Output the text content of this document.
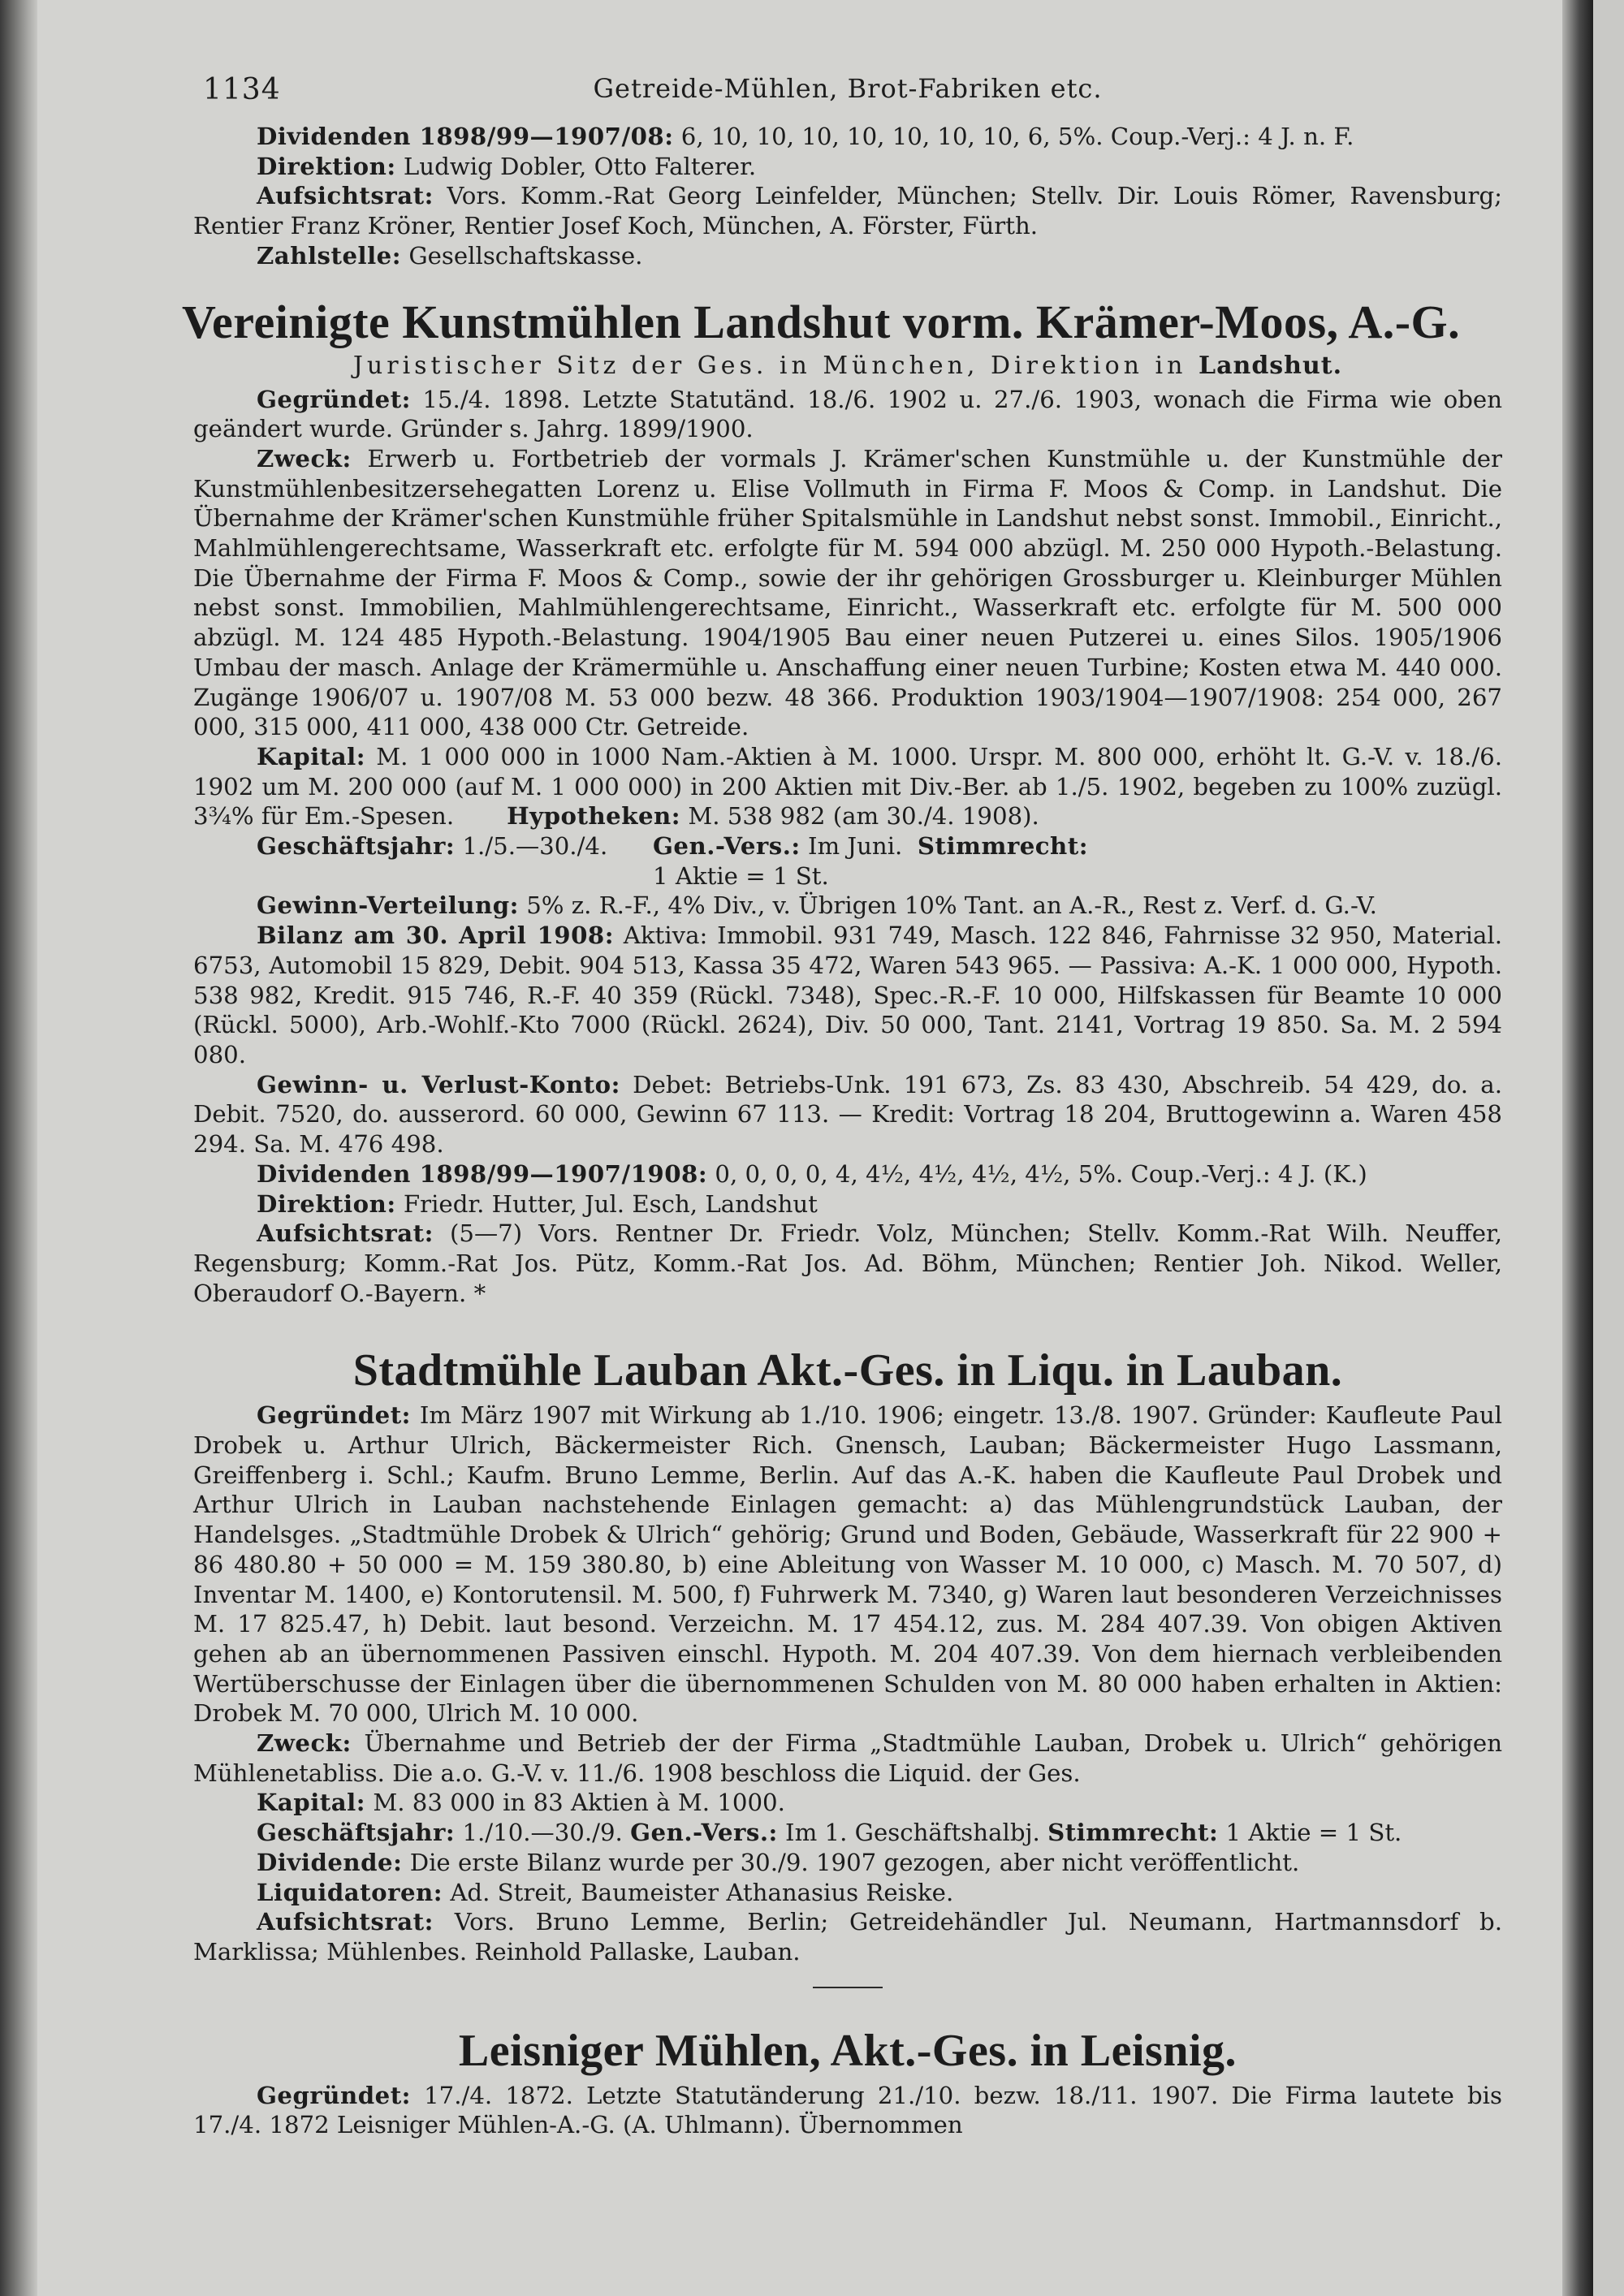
1134	Getreide-Mühlen, Brot-Fabriken etc.

Dividenden 1898/99—1907/08: 6, 10, 10, 10, 10, 10, 10, 10, 6, 5%. Coup.-Verj.: 4 J. n. F.

Direktion: Ludwig Dobler, Otto Falterer.

Aufsichtsrat: Vors. Komm.-Rat Georg Leinfelder, München; Stellv. Dir. Louis Römer, Ravensburg; Rentier Franz Kröner, Rentier Josef Koch, München, A. Förster, Fürth.

Zahlstelle: Gesellschaftskasse.

Vereinigte Kunstmühlen Landshut vorm. Krämer-Moos, A.-G.
Juristischer Sitz der Ges. in München, Direktion in Landshut.

Gegründet: 15./4. 1898. Letzte Statutänd. 18./6. 1902 u. 27./6. 1903, wonach die Firma wie oben geändert wurde. Gründer s. Jahrg. 1899/1900.

Zweck: Erwerb u. Fortbetrieb der vormals J. Krämer'schen Kunstmühle u. der Kunstmühle der Kunstmühlenbesitzersehegatten Lorenz u. Elise Vollmuth in Firma F. Moos & Comp. in Landshut. Die Übernahme der Krämer'schen Kunstmühle früher Spitalsmühle in Landshut nebst sonst. Immobil., Einricht., Mahlmühlengerechtsame, Wasserkraft etc. erfolgte für M. 594 000 abzügl. M. 250 000 Hypoth.-Belastung. Die Übernahme der Firma F. Moos & Comp., sowie der ihr gehörigen Grossburger u. Kleinburger Mühlen nebst sonst. Immobilien, Mahlmühlengerechtsame, Einricht., Wasserkraft etc. erfolgte für M. 500 000 abzügl. M. 124 485 Hypoth.-Belastung. 1904/1905 Bau einer neuen Putzerei u. eines Silos. 1905/1906 Umbau der masch. Anlage der Krämermühle u. Anschaffung einer neuen Turbine; Kosten etwa M. 440 000. Zugänge 1906/07 u. 1907/08 M. 53 000 bezw. 48 366. Produktion 1903/1904—1907/1908: 254 000, 267 000, 315 000, 411 000, 438 000 Ctr. Getreide.

Kapital: M. 1 000 000 in 1000 Nam.-Aktien à M. 1000. Urspr. M. 800 000, erhöht lt. G.-V. v. 18./6. 1902 um M. 200 000 (auf M. 1 000 000) in 200 Aktien mit Div.-Ber. ab 1./5. 1902, begeben zu 100% zuzügl. 3¾% für Em.-Spesen. Hypotheken: M. 538 982 (am 30./4. 1908).

Geschäftsjahr: 1./5.—30./4.	Gen.-Vers.: Im Juni. Stimmrecht: 1 Aktie = 1 St.

Gewinn-Verteilung: 5% z. R.-F., 4% Div., v. Übrigen 10% Tant. an A.-R., Rest z. Verf. d. G.-V.

Bilanz am 30. April 1908: Aktiva: Immobil. 931 749, Masch. 122 846, Fahrnisse 32 950, Material. 6753, Automobil 15 829, Debit. 904 513, Kassa 35 472, Waren 543 965. — Passiva: A.-K. 1 000 000, Hypoth. 538 982, Kredit. 915 746, R.-F. 40 359 (Rückl. 7348), Spec.-R.-F. 10 000, Hilfskassen für Beamte 10 000 (Rückl. 5000), Arb.-Wohlf.-Kto 7000 (Rückl. 2624), Div. 50 000, Tant. 2141, Vortrag 19 850. Sa. M. 2 594 080.

Gewinn- u. Verlust-Konto: Debet: Betriebs-Unk. 191 673, Zs. 83 430, Abschreib. 54 429, do. a. Debit. 7520, do. ausserord. 60 000, Gewinn 67 113. — Kredit: Vortrag 18 204, Bruttogewinn a. Waren 458 294. Sa. M. 476 498.

Dividenden 1898/99—1907/1908: 0, 0, 0, 0, 4, 4½, 4½, 4½, 4½, 5%. Coup.-Verj.: 4 J. (K.)

Direktion: Friedr. Hutter, Jul. Esch, Landshut

Aufsichtsrat: (5—7) Vors. Rentner Dr. Friedr. Volz, München; Stellv. Komm.-Rat Wilh. Neuffer, Regensburg; Komm.-Rat Jos. Pütz, Komm.-Rat Jos. Ad. Böhm, München; Rentier Joh. Nikod. Weller, Oberaudorf O.-Bayern. *

Stadtmühle Lauban Akt.-Ges. in Liqu. in Lauban.

Gegründet: Im März 1907 mit Wirkung ab 1./10. 1906; eingetr. 13./8. 1907. Gründer: Kaufleute Paul Drobek u. Arthur Ulrich, Bäckermeister Rich. Gnensch, Lauban; Bäckermeister Hugo Lassmann, Greiffenberg i. Schl.; Kaufm. Bruno Lemme, Berlin. Auf das A.-K. haben die Kaufleute Paul Drobek und Arthur Ulrich in Lauban nachstehende Einlagen gemacht: a) das Mühlengrundstück Lauban, der Handelsges. „Stadtmühle Drobek & Ulrich“ gehörig; Grund und Boden, Gebäude, Wasserkraft für 22 900 + 86 480.80 + 50 000 = M. 159 380.80, b) eine Ableitung von Wasser M. 10 000, c) Masch. M. 70 507, d) Inventar M. 1400, e) Kontorutensil. M. 500, f) Fuhrwerk M. 7340, g) Waren laut besonderen Verzeichnisses M. 17 825.47, h) Debit. laut besond. Verzeichn. M. 17 454.12, zus. M. 284 407.39. Von obigen Aktiven gehen ab an übernommenen Passiven einschl. Hypoth. M. 204 407.39. Von dem hiernach verbleibenden Wertüberschusse der Einlagen über die übernommenen Schulden von M. 80 000 haben erhalten in Aktien: Drobek M. 70 000, Ulrich M. 10 000.

Zweck: Übernahme und Betrieb der der Firma „Stadtmühle Lauban, Drobek u. Ulrich“ gehörigen Mühlenetabliss. Die a.o. G.-V. v. 11./6. 1908 beschloss die Liquid. der Ges.

Kapital: M. 83 000 in 83 Aktien à M. 1000.

Geschäftsjahr: 1./10.—30./9. Gen.-Vers.: Im 1. Geschäftshalbj. Stimmrecht: 1 Aktie = 1 St.

Dividende: Die erste Bilanz wurde per 30./9. 1907 gezogen, aber nicht veröffentlicht.

Liquidatoren: Ad. Streit, Baumeister Athanasius Reiske.

Aufsichtsrat: Vors. Bruno Lemme, Berlin; Getreidehändler Jul. Neumann, Hartmannsdorf b. Marklissa; Mühlenbes. Reinhold Pallaske, Lauban.

Leisniger Mühlen, Akt.-Ges. in Leisnig.

Gegründet: 17./4. 1872. Letzte Statutänderung 21./10. bezw. 18./11. 1907. Die Firma lautete bis 17./4. 1872 Leisniger Mühlen-A.-G. (A. Uhlmann). Übernommen
